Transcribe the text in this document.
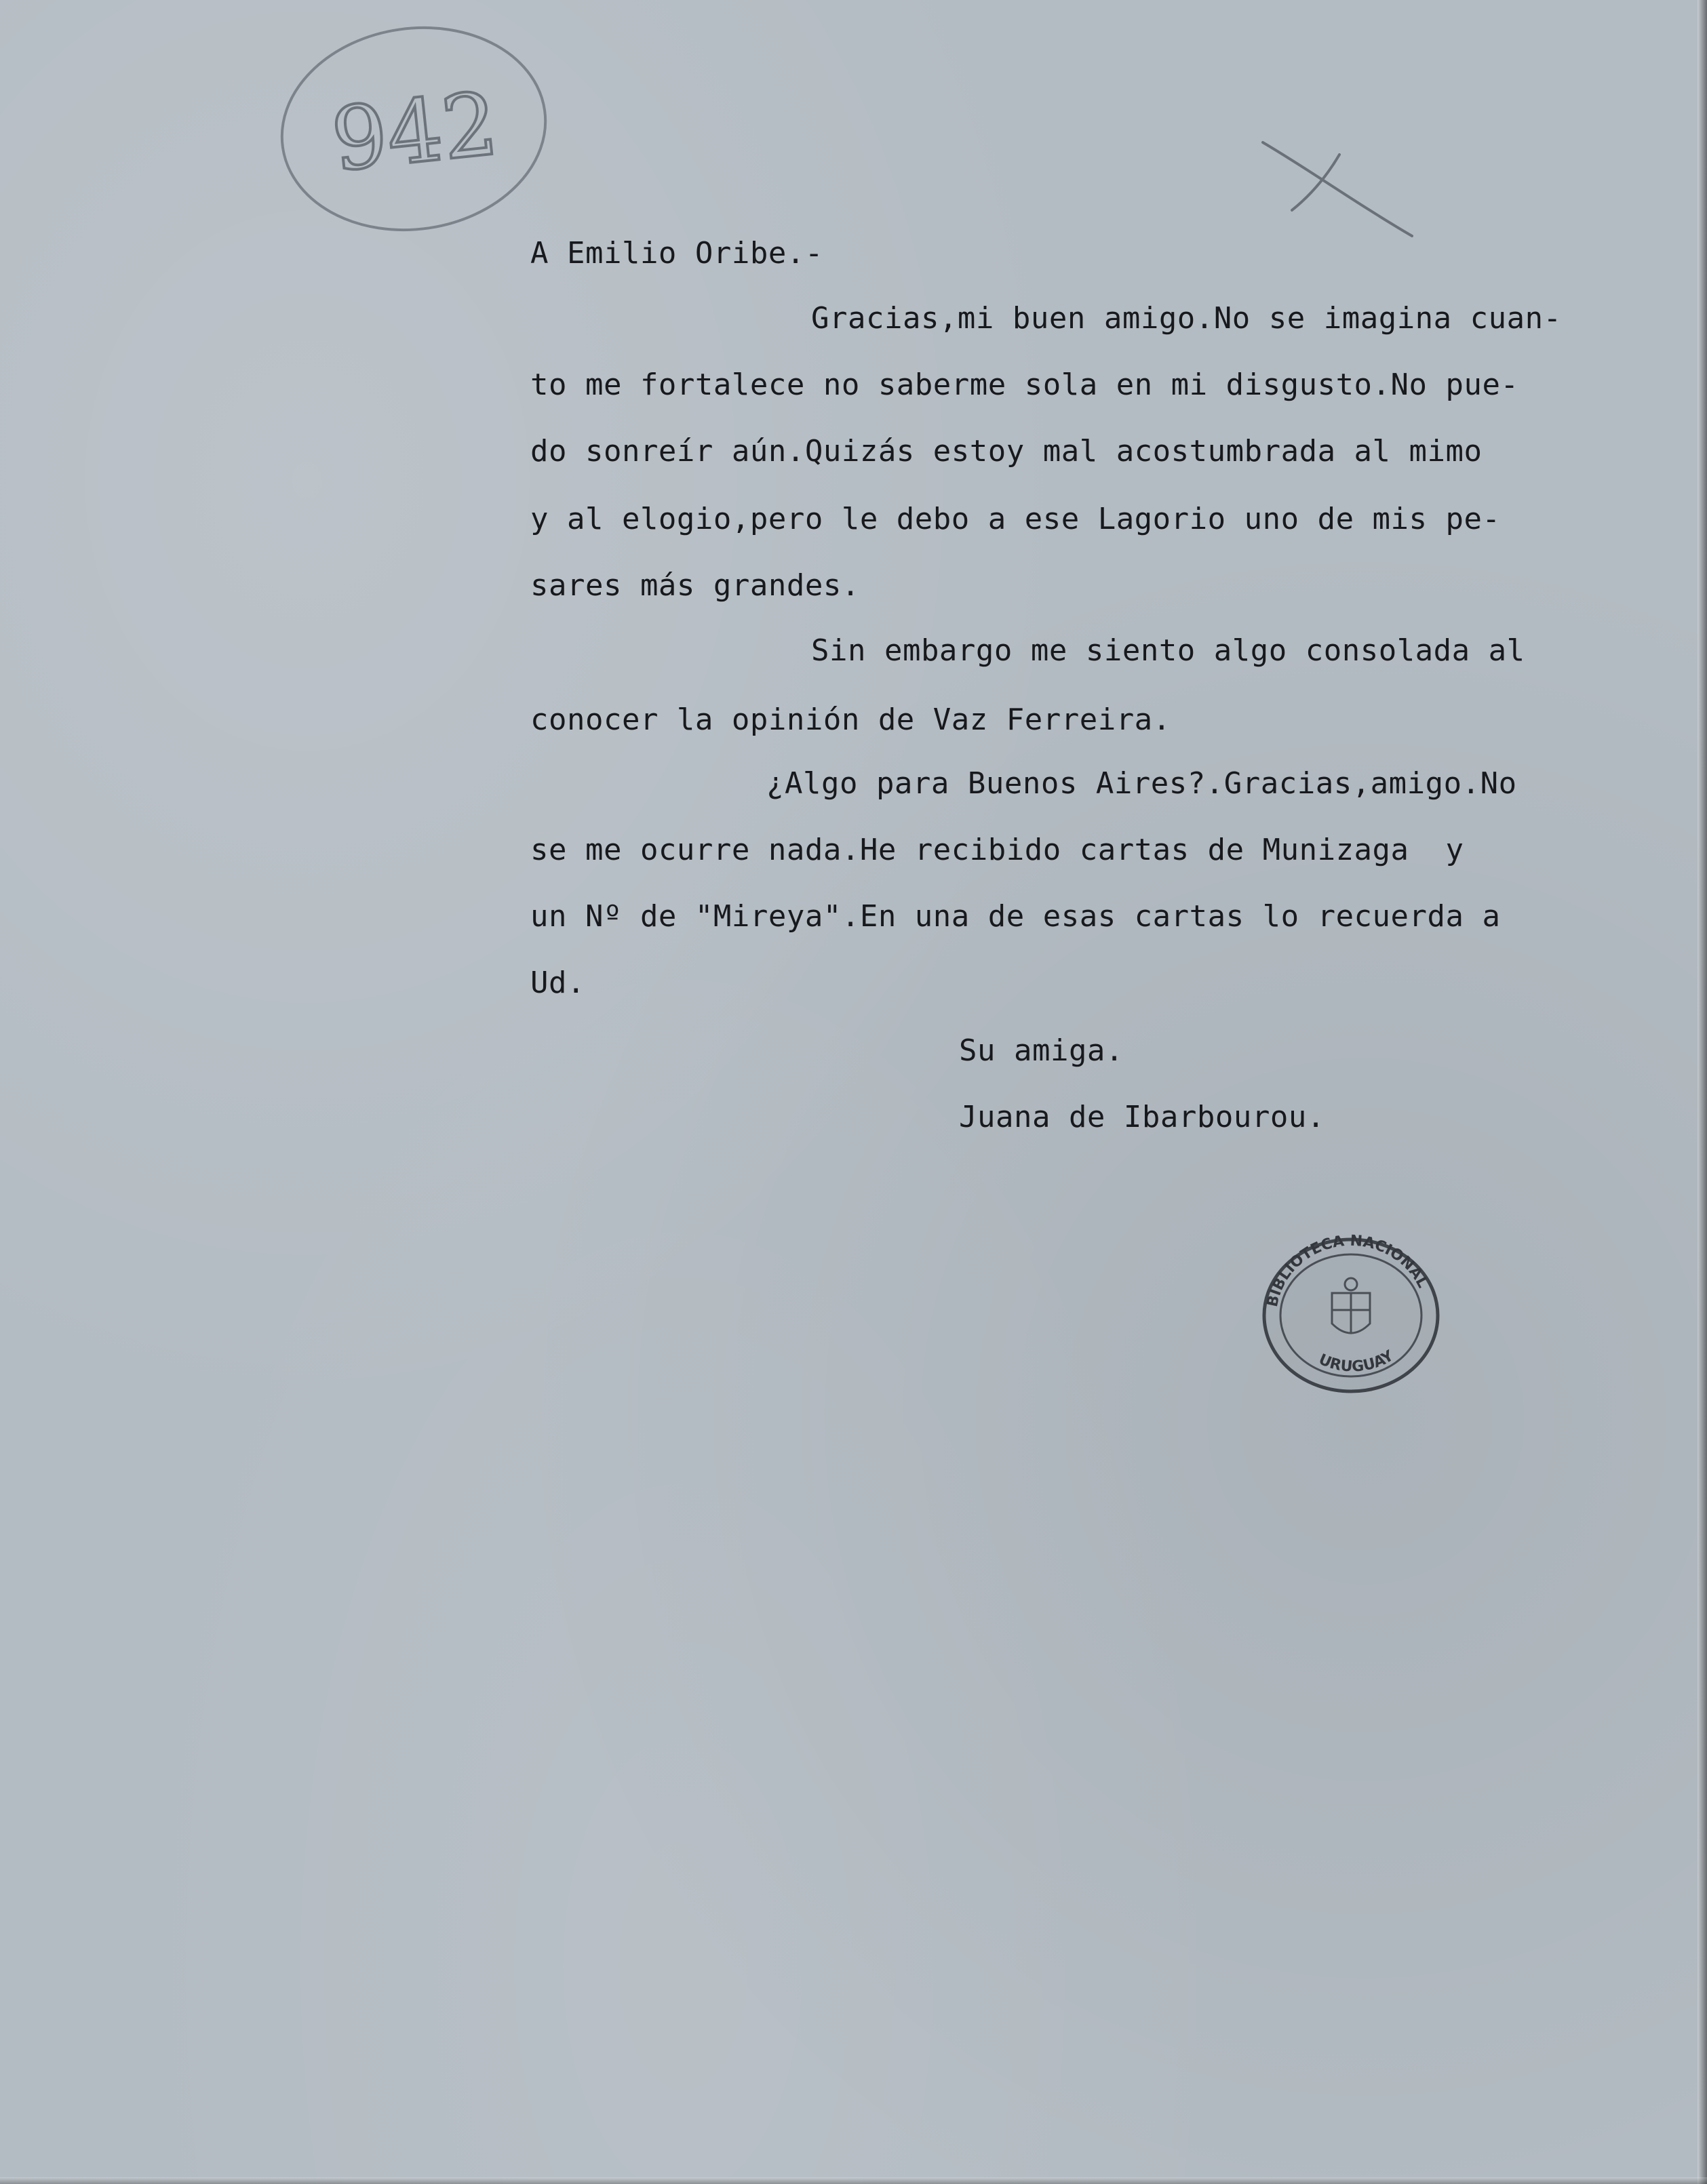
942
A Emilio Oribe.-
Gracias,mi buen amigo.No se imagina cuan-
to me fortalece no saberme sola en mi disgusto.No pue-
do sonreír aún.Quizás estoy mal acostumbrada al mimo
y al elogio,pero le debo a ese Lagorio uno de mis pe-
sares más grandes.
Sin embargo me siento algo consolada al
conocer la opinión de Vaz Ferreira.
¿Algo para Buenos Aires?.Gracias,amigo.No
se me ocurre nada.He recibido cartas de Munizaga  y
un Nº de "Mireya".En una de esas cartas lo recuerda a
Ud.
Su amiga.
Juana de Ibarbourou.
BIBLIOTECA NACIONAL
URUGUAY
